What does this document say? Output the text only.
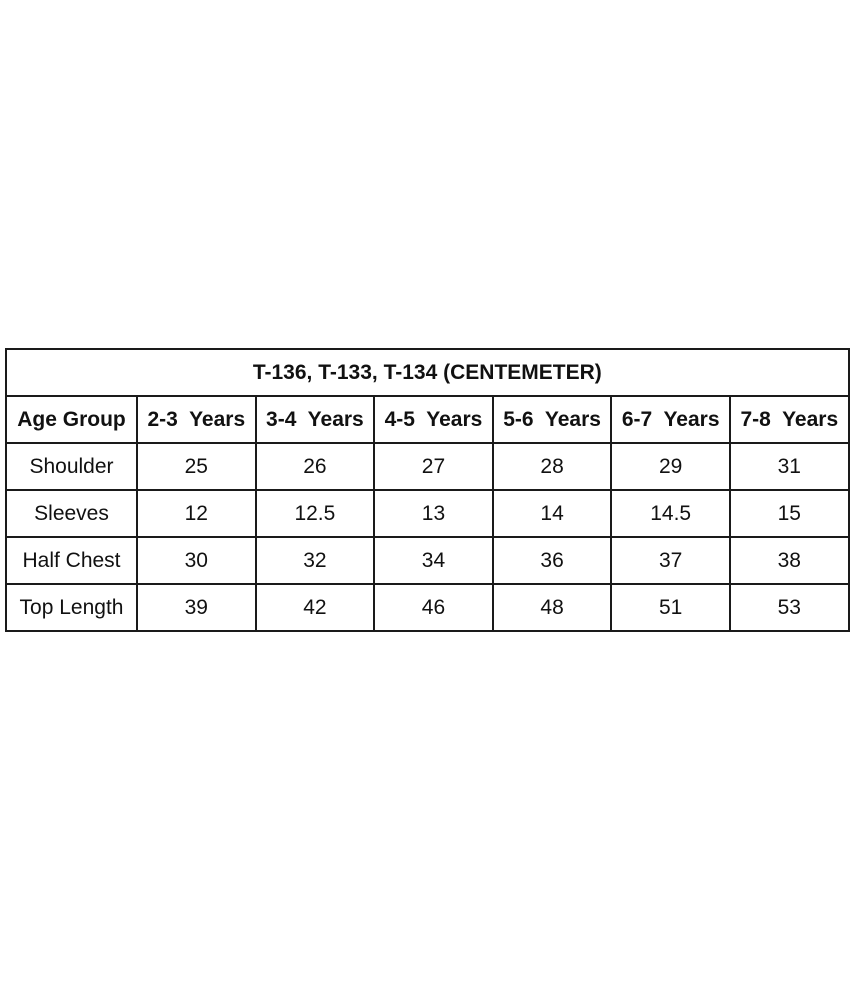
T-136, T-133, T-134 (CENTEMETER)						
Age Group	2-3  Years	3-4  Years	4-5  Years	5-6  Years	6-7  Years	7-8  Years
Shoulder	25	26	27	28	29	31
Sleeves	12	12.5	13	14	14.5	15
Half Chest	30	32	34	36	37	38
Top Length	39	42	46	48	51	53
